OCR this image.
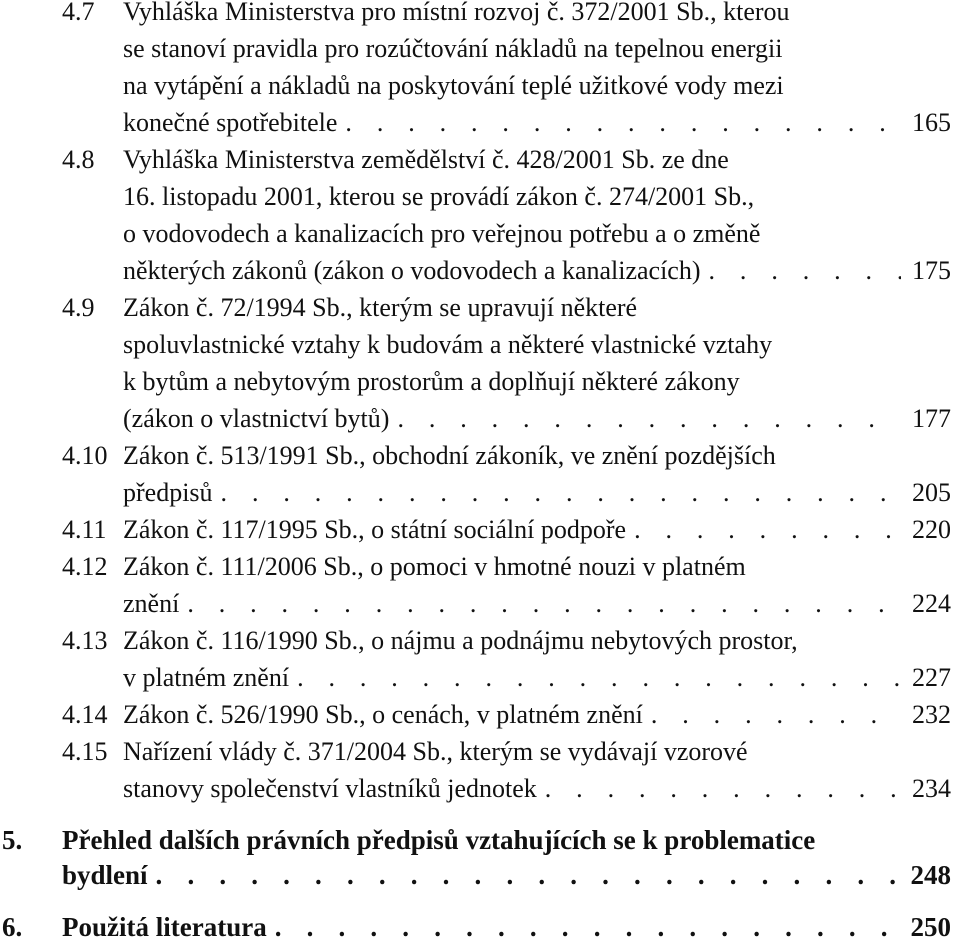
4.7 Vyhláška Ministerstva pro místní rozvoj č. 372/2001 Sb., kterou
se stanoví pravidla pro rozúčtování nákladů na tepelnou energii
na vytápění a nákladů na poskytování teplé užitkové vody mezi
konečné spotřebitele . . .	165
4.8 Vyhláška Ministerstva zemědělství č. 428/2001 Sb. ze dne
16. listopadu 2001, kterou se provádí zákon č. 274/2001 Sb.,
o vodovodech a kanalizacích pro veřejnou potřebu a o změně
některých zákonů (zákon o vodovodech a kanalizacích) . . .	175
4.9 Zákon č. 72/1994 Sb., kterým se upravují některé
spoluvlastnické vztahy k budovám a některé vlastnické vztahy
k bytům a nebytovým prostorům a doplňují některé zákony
(zákon o vlastnictví bytů) . . .	177
4.10 Zákon č. 513/1991 Sb., obchodní zákoník, ve znění pozdějších
předpisů . . .	205
4.11 Zákon č. 117/1995 Sb., o státní sociální podpoře . . .	220
4.12 Zákon č. 111/2006 Sb., o pomoci v hmotné nouzi v platném
znění . . .	224
4.13 Zákon č. 116/1990 Sb., o nájmu a podnájmu nebytových prostor,
v platném znění . . .	227
4.14 Zákon č. 526/1990 Sb., o cenách, v platném znění . . .	232
4.15 Nařízení vlády č. 371/2004 Sb., kterým se vydávají vzorové
stanovy společenství vlastníků jednotek . . .	234
5. Přehled dalších právních předpisů vztahujících se k problematice
bydlení . . .	248
6. Použitá literatura . . .	250
